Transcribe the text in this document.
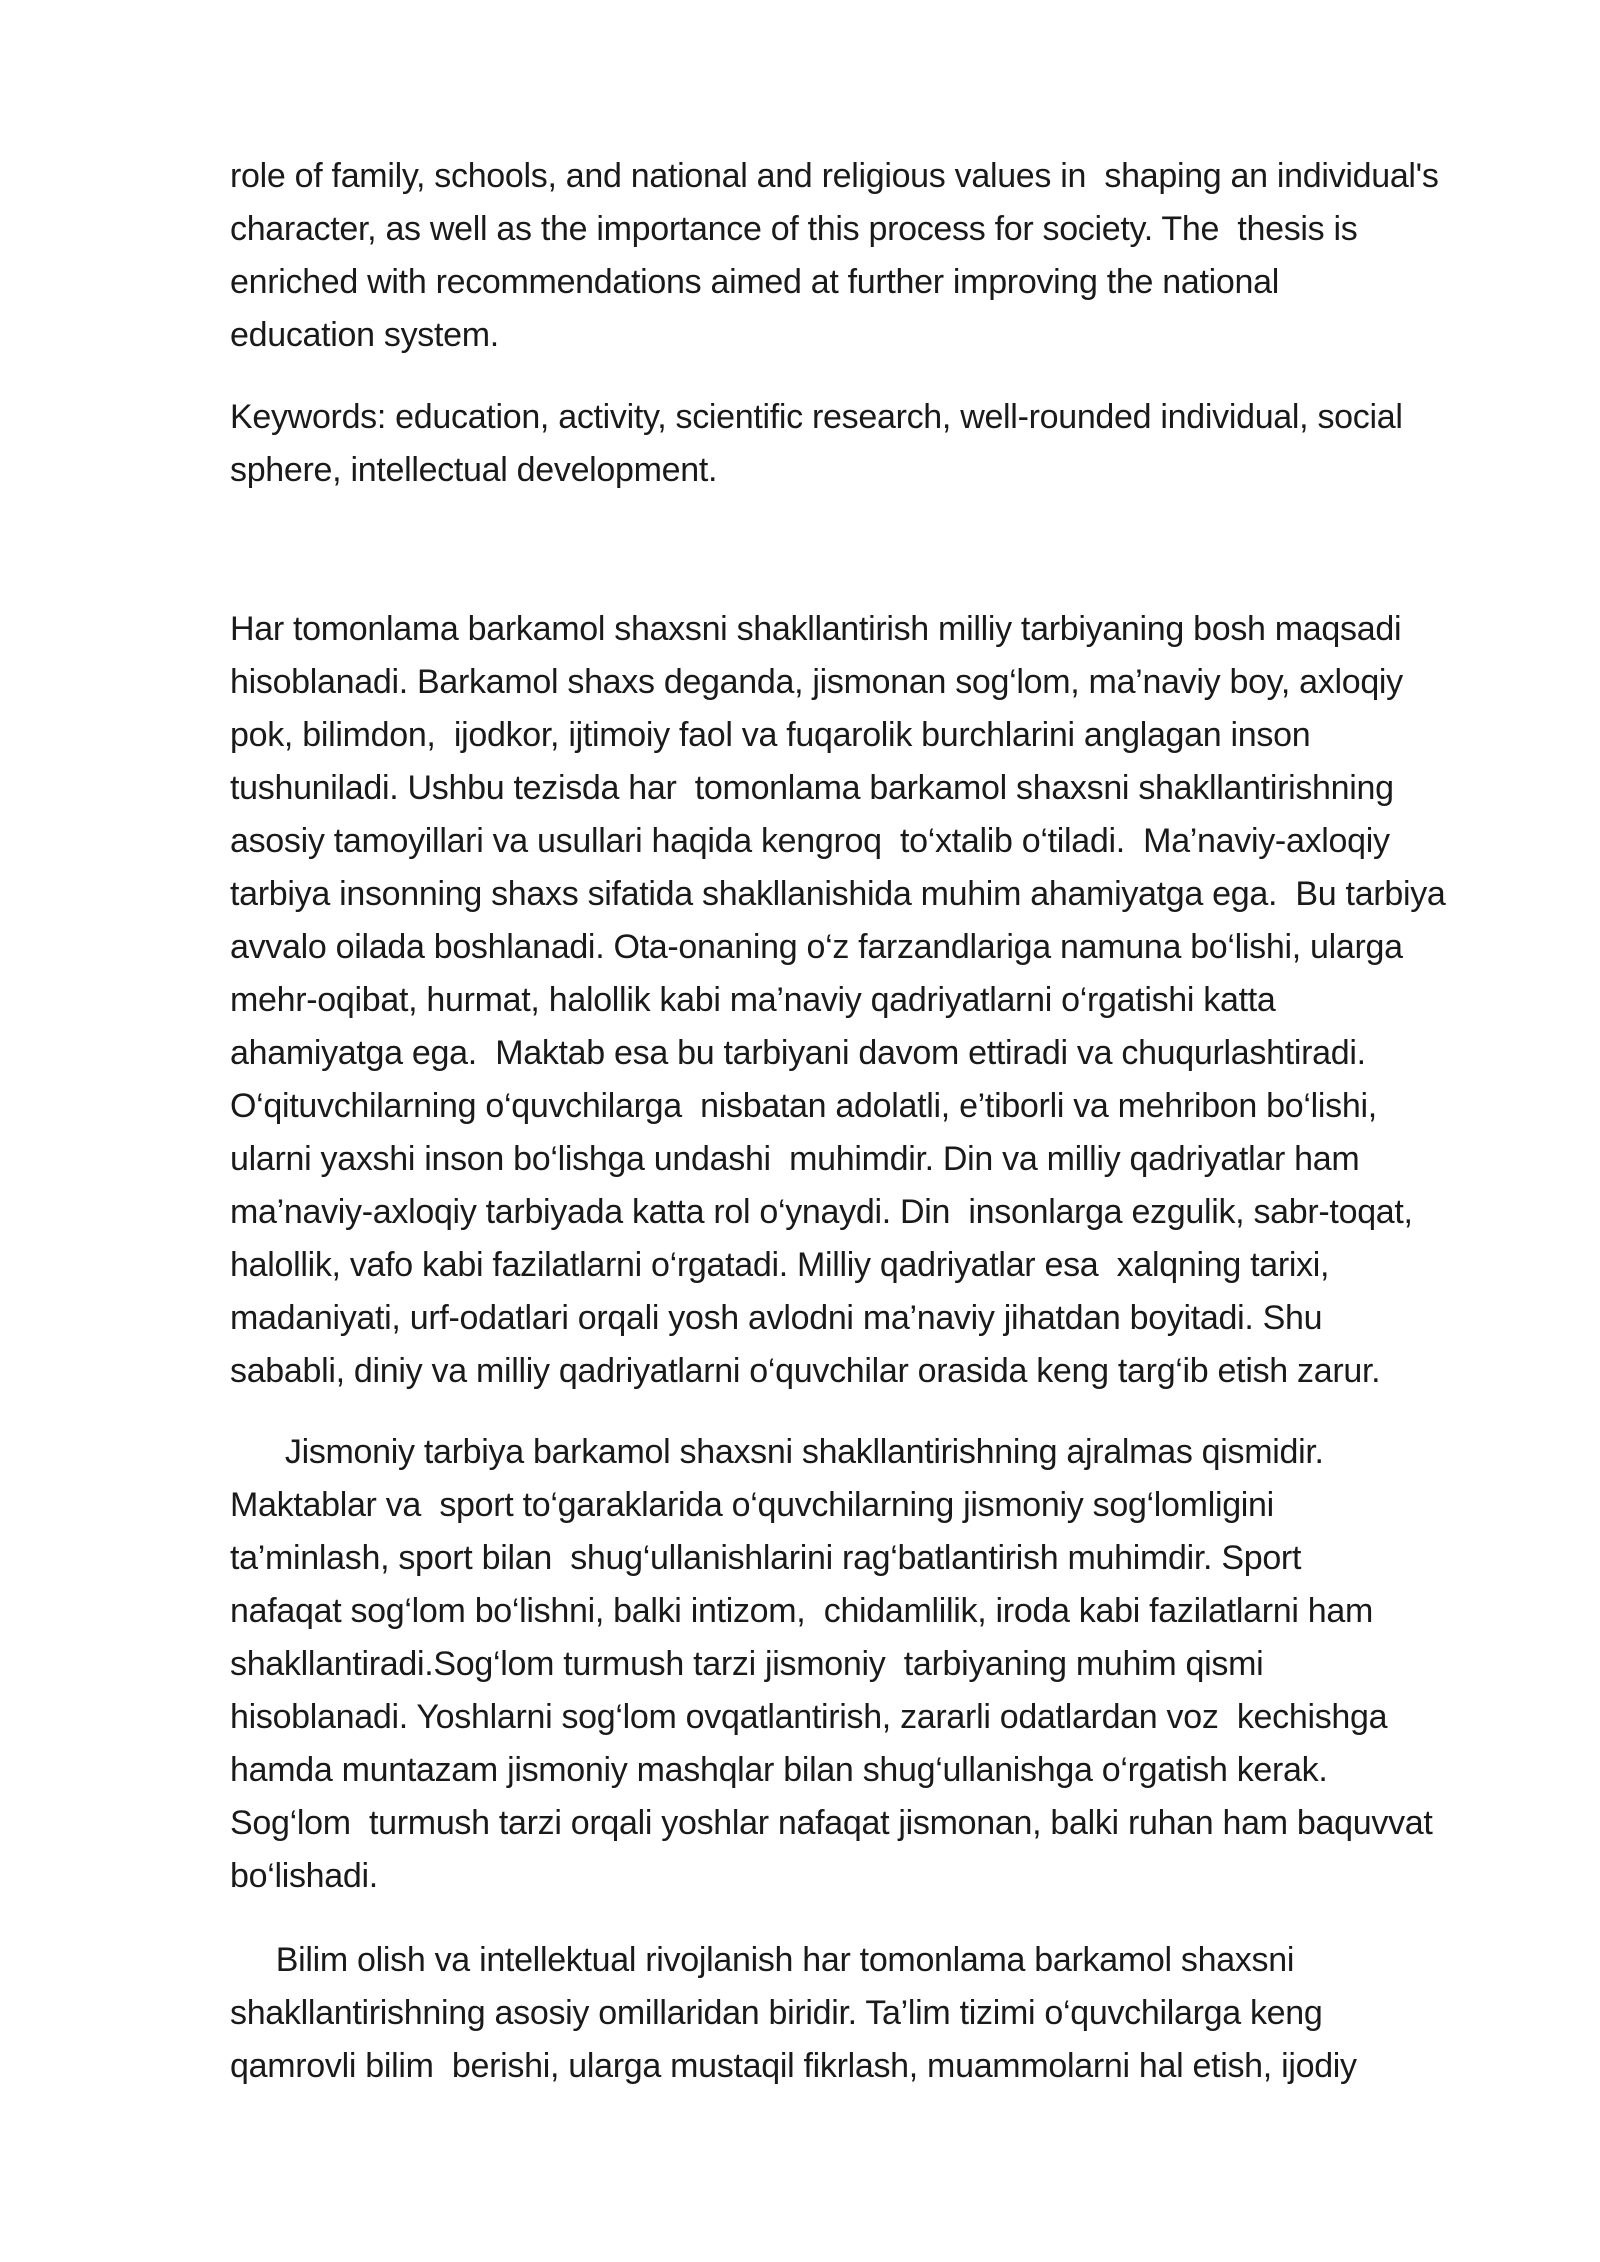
role of family, schools, and national and religious values in  shaping an individual's
character, as well as the importance of this process for society. The  thesis is
enriched with recommendations aimed at further improving the national
education system.
Keywords: education, activity, scientific research, well-rounded individual, social
sphere, intellectual development.
Har tomonlama barkamol shaxsni shakllantirish milliy tarbiyaning bosh maqsadi
hisoblanadi. Barkamol shaxs deganda, jismonan sog‘lom, ma’naviy boy, axloqiy
pok, bilimdon,  ijodkor, ijtimoiy faol va fuqarolik burchlarini anglagan inson
tushuniladi. Ushbu tezisda har  tomonlama barkamol shaxsni shakllantirishning
asosiy tamoyillari va usullari haqida kengroq  to‘xtalib o‘tiladi.  Ma’naviy-axloqiy
tarbiya insonning shaxs sifatida shakllanishida muhim ahamiyatga ega.  Bu tarbiya
avvalo oilada boshlanadi. Ota-onaning o‘z farzandlariga namuna bo‘lishi, ularga
mehr-oqibat, hurmat, halollik kabi ma’naviy qadriyatlarni o‘rgatishi katta
ahamiyatga ega.  Maktab esa bu tarbiyani davom ettiradi va chuqurlashtiradi.
O‘qituvchilarning o‘quvchilarga  nisbatan adolatli, e’tiborli va mehribon bo‘lishi,
ularni yaxshi inson bo‘lishga undashi  muhimdir. Din va milliy qadriyatlar ham
ma’naviy-axloqiy tarbiyada katta rol o‘ynaydi. Din  insonlarga ezgulik, sabr-toqat,
halollik, vafo kabi fazilatlarni o‘rgatadi. Milliy qadriyatlar esa  xalqning tarixi,
madaniyati, urf-odatlari orqali yosh avlodni ma’naviy jihatdan boyitadi. Shu
sababli, diniy va milliy qadriyatlarni o‘quvchilar orasida keng targ‘ib etish zarur.
Jismoniy tarbiya barkamol shaxsni shakllantirishning ajralmas qismidir.
Maktablar va  sport to‘garaklarida o‘quvchilarning jismoniy sog‘lomligini
ta’minlash, sport bilan  shug‘ullanishlarini rag‘batlantirish muhimdir. Sport
nafaqat sog‘lom bo‘lishni, balki intizom,  chidamlilik, iroda kabi fazilatlarni ham
shakllantiradi.Sog‘lom turmush tarzi jismoniy  tarbiyaning muhim qismi
hisoblanadi. Yoshlarni sog‘lom ovqatlantirish, zararli odatlardan voz  kechishga
hamda muntazam jismoniy mashqlar bilan shug‘ullanishga o‘rgatish kerak.
Sog‘lom  turmush tarzi orqali yoshlar nafaqat jismonan, balki ruhan ham baquvvat
bo‘lishadi.
Bilim olish va intellektual rivojlanish har tomonlama barkamol shaxsni
shakllantirishning asosiy omillaridan biridir. Ta’lim tizimi o‘quvchilarga keng
qamrovli bilim  berishi, ularga mustaqil fikrlash, muammolarni hal etish, ijodiy
